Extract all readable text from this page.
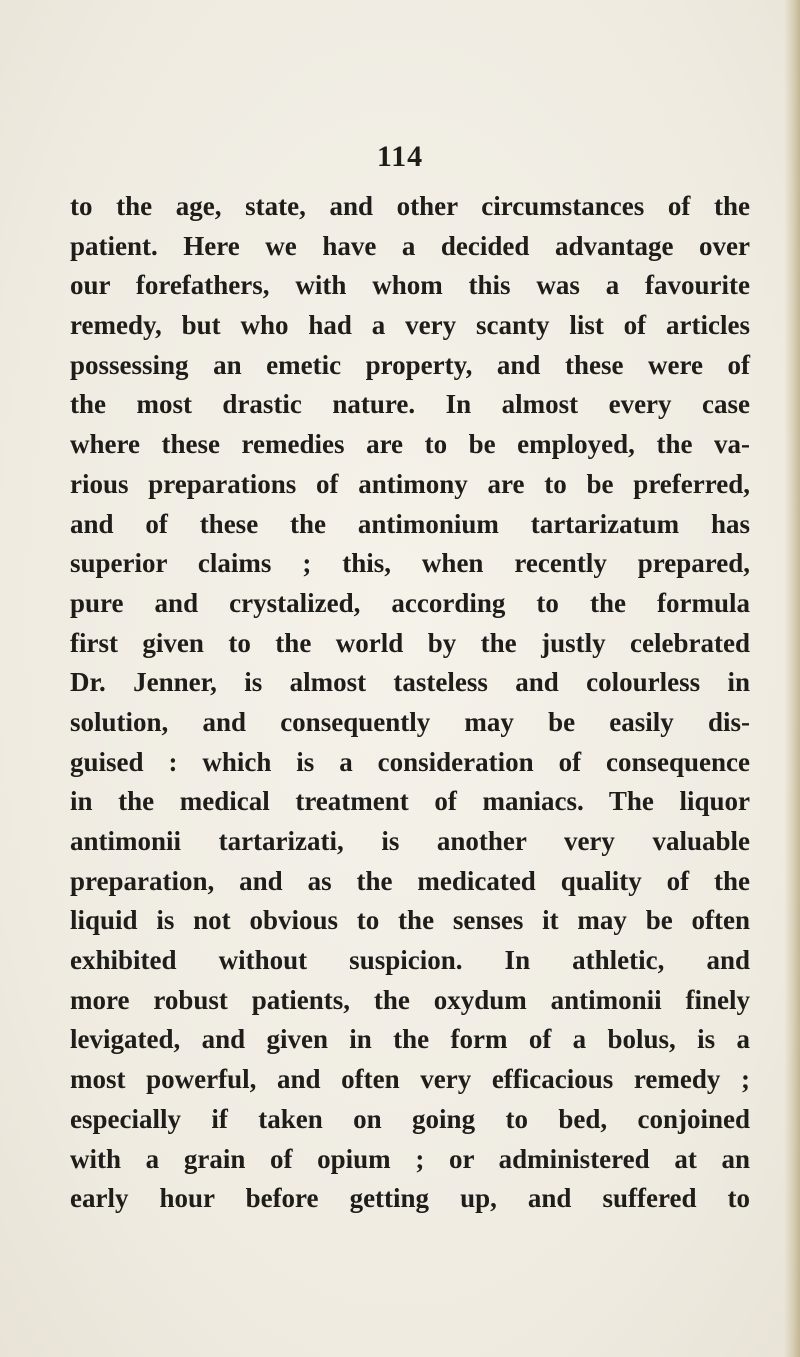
114
to the age, state, and other circumstances of the
patient. Here we have a decided advantage over
our forefathers, with whom this was a favourite
remedy, but who had a very scanty list of articles
possessing an emetic property, and these were of
the most drastic nature. In almost every case
where these remedies are to be employed, the va-
rious preparations of antimony are to be preferred,
and of these the antimonium tartarizatum has
superior claims ; this, when recently prepared,
pure and crystalized, according to the formula
first given to the world by the justly celebrated
Dr. Jenner, is almost tasteless and colourless in
solution, and consequently may be easily dis-
guised : which is a consideration of consequence
in the medical treatment of maniacs. The liquor
antimonii tartarizati, is another very valuable
preparation, and as the medicated quality of the
liquid is not obvious to the senses it may be often
exhibited without suspicion. In athletic, and
more robust patients, the oxydum antimonii finely
levigated, and given in the form of a bolus, is a
most powerful, and often very efficacious remedy ;
especially if taken on going to bed, conjoined
with a grain of opium ; or administered at an
early hour before getting up, and suffered to
